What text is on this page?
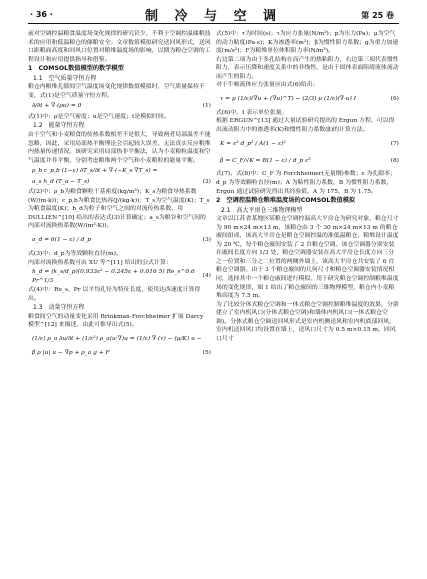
· 36 ·	制 冷 与 空 调	第 25 卷
前对空调控温粮食温度场变化规律的研究甚少，不利于空调控温储粮技术的应用和低温粮仓的储粮安全。文章数值模拟研究送回风形式，送风口距粮面高度和回风口位置对粮堆温度场的影响，以期为粮仓空调的工程设计和应用提供指导和借鉴。
1　COMSOL数值模型的数学模型
1.1　空气质量守恒方程
粮仓内粮堆孔隙间空气温度场变化规律数值模拟时，空气质量保持不变，式(1)是空气质量守恒方程。
∂/∂t + ∇·(ρu) = 0	(1)
式(1)中：ρ是空气密度；u是空气速度；t是模拟时间。
1.2　能量守恒方程
由于空气和小麦粮食的传热系数相差不是很大，导致两者局部温差不能忽略，因此，采用局部热平衡理论会引起较大误差，无法真实反应粮堆内热量传递情况。该研究采用局部热非平衡法，认为小麦粮粒温度和空气温度并非平衡，分别考虑粮堆两个空气和小麦粮粒的能量平衡。
ρ_b c_p,b (1−ε) ∂T_s/∂t + ∇·(−K_s ∇T_s) =
a_s h_d (T_a − T_s)	(2)
式(2)中：ρ_b为粮食颗粒干基密度(kg/m³)；K_s为粮食导热系数(W/(m·k))；c_p,b为粮食比热容(J/(kg·k))；T_s为空气温度(K)；T_s为粮食温度(K)；h_d为粒子和空气之间的对流传热系数，用 DULLIEN^[10] 给出的表达式(3)计算确定；a_s为粮谷和空气间的内部对流换热系数(W/(m²·K))。
a_d = 6(1 − ε) / d_p	(3)
式(3)中：d_p为等效颗粒直径(m)。
内部对流换热系数可由 XU 等^[11] 给出的公式计算：
h_d = (k_s/d_p)(0.933ε² − 0.245ε + 0.016 5) Re_s^0.6 Pr^1/3
(4)
式(4)中：Re_s、Pr 以平均孔径为特征长度，使用达西速度计算得出。
1.3　动量守恒方程
粮食间空气的动量变化采用 Brinkman-Forchheimer 扩展 Darcy 模型^[12] 来描述，由此可推导出式(5)。
(1/ε) ρ_a ∂u/∂t + (1/ε²) ρ_a(u·∇)u = (1/ε) ∇·(τ) − (μ/K) u −
β ρ |u| u − ∇p + ρ_a g + F	(5)
式(5)中：τ为时间(s)；τ为应力张量(N/m²)；p为压力(Pa)；μ为空气的动力粘度(Pa·s)；K为渗透率(m²)；β为惯性阻力系数；g为重力加速度(m/s²)；F为粮堆单位体积阻力率(N/m³)。
右边第二项为由于多孔结构在而产生的热粘阻力，右边第三项代表惯性阻力，表示压降和速度关系中的非线性，是由于固体表面阻碍流体流动而产生的阻力。
对于牛顿流体应力张量应由式(6)给出：
τ = μ (1/ε)(∇u + (∇u)^T) − (2/3) μ (1/ε)(∇·u) I	(6)
式(6)中，I 表示单位张量。
根据 ERGUN^[13] 通过大量试验研究提出的 Ergun 方程，可以得出流动阻力中的渗透率(K)和惯性阻力系数(β)的计算方法。
K = ε³ d_p² / A(1 − ε)²	(7)
β = C_F/√K = B(1 − ε) / d_p ε³	(8)
式(7)、式(8)中：C_F 为 Forchheimer(无量纲)参数；ε 为孔隙率；d_p 为等效颗粒直径(m)；A 为粘性阻力系数，B 为惯性阻力系数，Ergun 通过试验研究得出其经验值，A 为 175，B 为 1.75。
2　空调控温粮仓粮堆温度场的COMSOL数值模拟
2.1　高大平房仓三维物理模型
文章以江苏省某地区某粮仓空调控温高大平房仓为研究对象，粮仓尺寸为 90 m×24 m×13 m，该粮仓由 3 个 30 m×24 m×13 m 的粮仓廒间组成，该高大平房仓是粮仓空调控温的准低温粮仓，粮堆设计温度为 20 ℃，每个粮仓廒间安装了 2 台粮仓空调。该仓空调器分别安装在廒间长度方向 1/3 处，粮仓空调器安装在高大平房仓长度方向三分之一位置和三分之二位置的两侧外墙上，该高大平房仓共安装了 6 台粮仓空调器。由于 3 个粮仓廒间的几何尺寸和粮仓空调器安装情况相同，选择其中一个粮仓廒间进行模拟，用于研究粮仓空调控制粮堆温度场的变化规律，图 1 给出了粮仓廒间的三维物理模型，粮仓内小麦粮堆高度为 7.5 m。
为了比较分体式粮仓空调和一体式粮仓空调控制粮堆温度的效果，分别建立了室内机风口(分体式粮仓空调)和墙体内机风口(一体式粮仓空调)。分体式粮仓空调送回风形式是室内机侧送风和室内机底部回风，室内机送回风口均设置在墙上，送风口尺寸为 0.5 m×0.15 m，回风口尺寸
